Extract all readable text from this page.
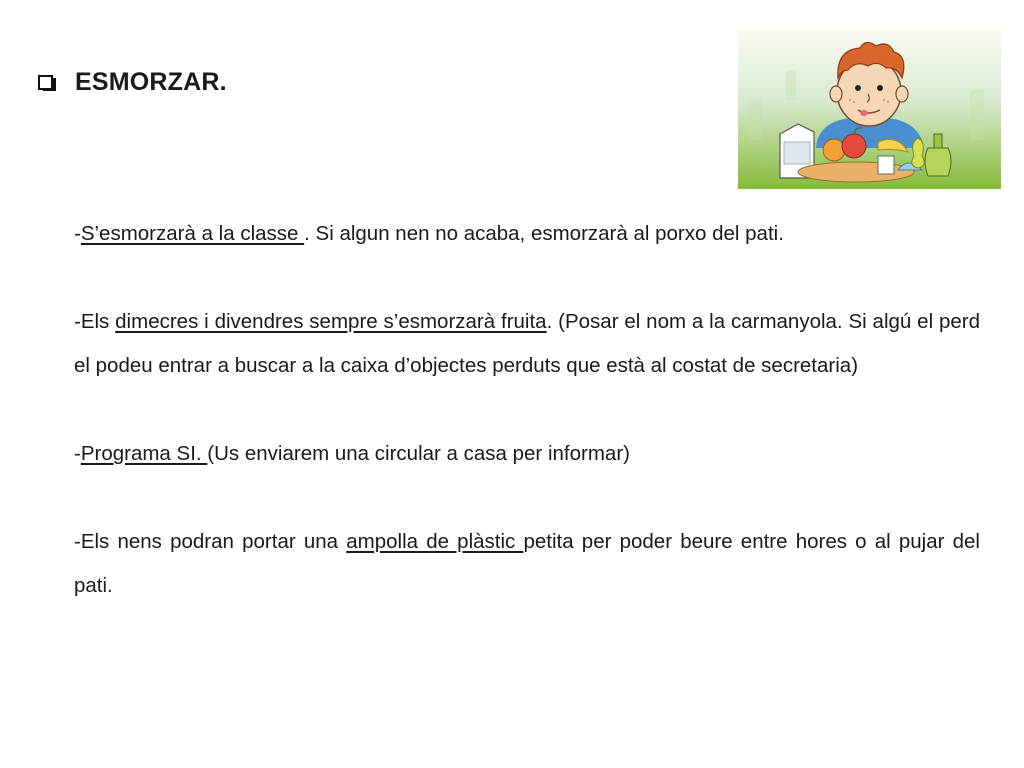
ESMORZAR.

-S’esmorzarà a la classe . Si algun nen no acaba, esmorzarà al porxo del pati.

-Els dimecres i divendres sempre s’esmorzarà fruita. (Posar el nom a la carmanyola. Si algú el perd el podeu entrar a buscar a la caixa d’objectes perduts que està al costat de secretaria)

-Programa SI. (Us enviarem una circular a casa per informar)

-Els nens podran portar una ampolla de plàstic petita per poder beure entre hores o al pujar del pati.
